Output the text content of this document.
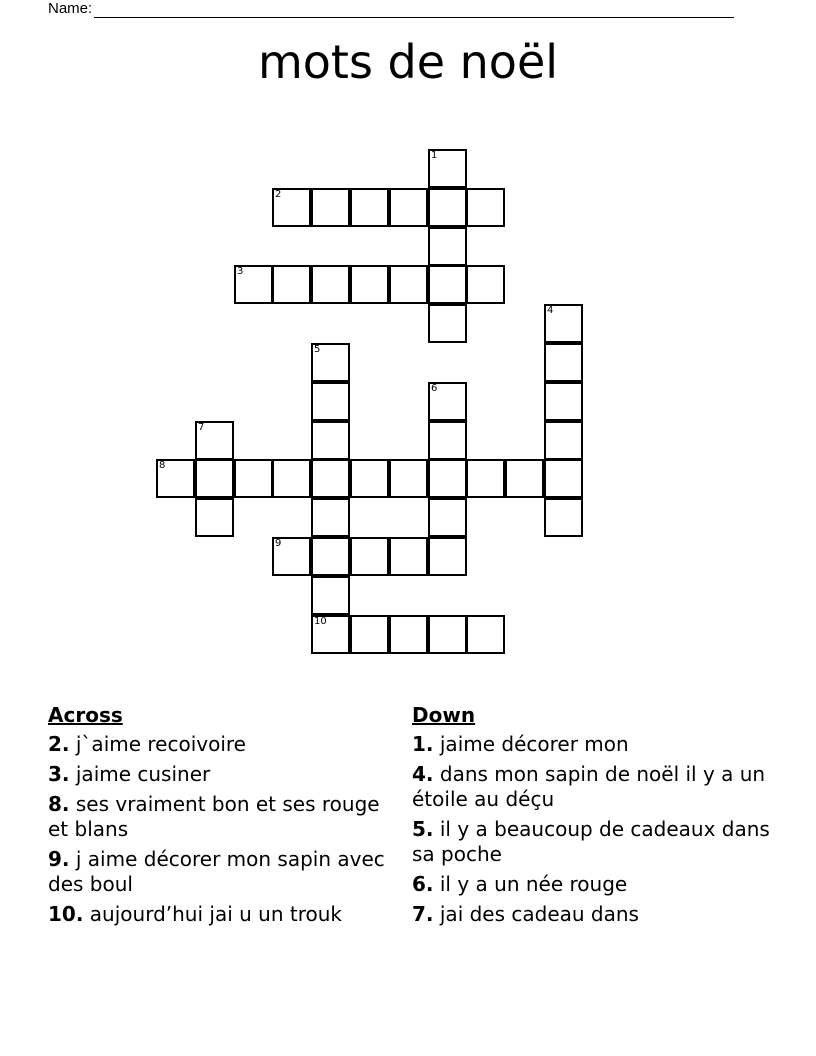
Name:
mots de noël
1
2
3
4
5
6
7
8
9
10
Across
2. j`aime recoivoire
3. jaime cusiner
8. ses vraiment bon et ses rouge et blans
9. j aime décorer mon sapin avec des boul
10. aujourd’hui jai u un trouk
Down
1. jaime décorer mon
4. dans mon sapin de noël il y a un étoile au déçu
5. il y a beaucoup de cadeaux dans sa poche
6. il y a un née rouge
7. jai des cadeau dans
